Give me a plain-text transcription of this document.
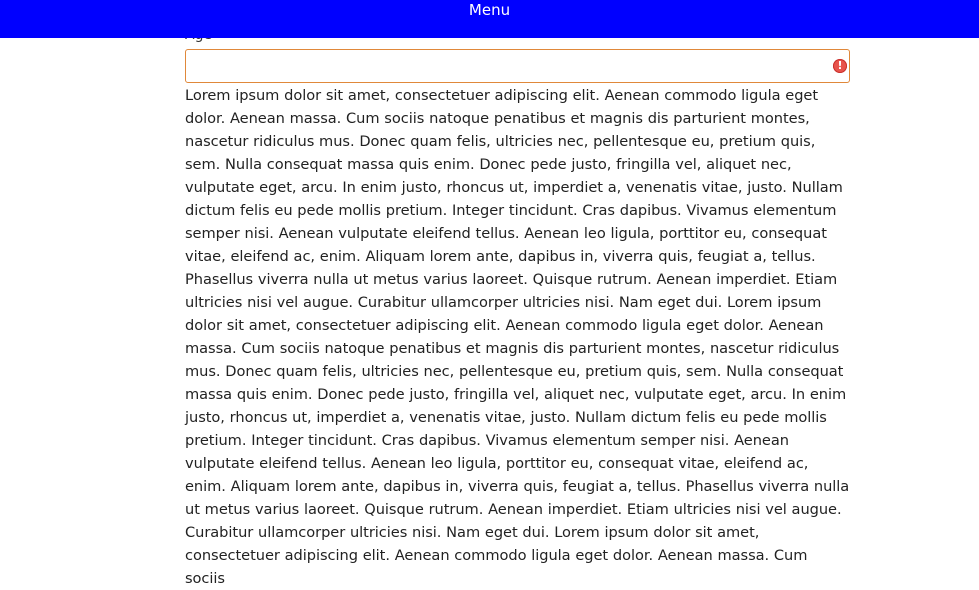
Menu
!

Lorem ipsum dolor sit amet, consectetuer adipiscing elit. Aenean commodo ligula eget dolor. Aenean massa. Cum sociis natoque penatibus et magnis dis parturient montes, nascetur ridiculus mus. Donec quam felis, ultricies nec, pellentesque eu, pretium quis, sem. Nulla consequat massa quis enim. Donec pede justo, fringilla vel, aliquet nec, vulputate eget, arcu. In enim justo, rhoncus ut, imperdiet a, venenatis vitae, justo. Nullam dictum felis eu pede mollis pretium. Integer tincidunt. Cras dapibus. Vivamus elementum semper nisi. Aenean vulputate eleifend tellus. Aenean leo ligula, porttitor eu, consequat vitae, eleifend ac, enim. Aliquam lorem ante, dapibus in, viverra quis, feugiat a, tellus. Phasellus viverra nulla ut metus varius laoreet. Quisque rutrum. Aenean imperdiet. Etiam ultricies nisi vel augue. Curabitur ullamcorper ultricies nisi. Nam eget dui. Lorem ipsum dolor sit amet, consectetuer adipiscing elit. Aenean commodo ligula eget dolor. Aenean massa. Cum sociis natoque penatibus et magnis dis parturient montes, nascetur ridiculus mus. Donec quam felis, ultricies nec, pellentesque eu, pretium quis, sem. Nulla consequat massa quis enim. Donec pede justo, fringilla vel, aliquet nec, vulputate eget, arcu. In enim justo, rhoncus ut, imperdiet a, venenatis vitae, justo. Nullam dictum felis eu pede mollis pretium. Integer tincidunt. Cras dapibus. Vivamus elementum semper nisi. Aenean vulputate eleifend tellus. Aenean leo ligula, porttitor eu, consequat vitae, eleifend ac, enim. Aliquam lorem ante, dapibus in, viverra quis, feugiat a, tellus. Phasellus viverra nulla ut metus varius laoreet. Quisque rutrum. Aenean imperdiet. Etiam ultricies nisi vel augue. Curabitur ullamcorper ultricies nisi. Nam eget dui. Lorem ipsum dolor sit amet, consectetuer adipiscing elit. Aenean commodo ligula eget dolor. Aenean massa. Cum sociis
